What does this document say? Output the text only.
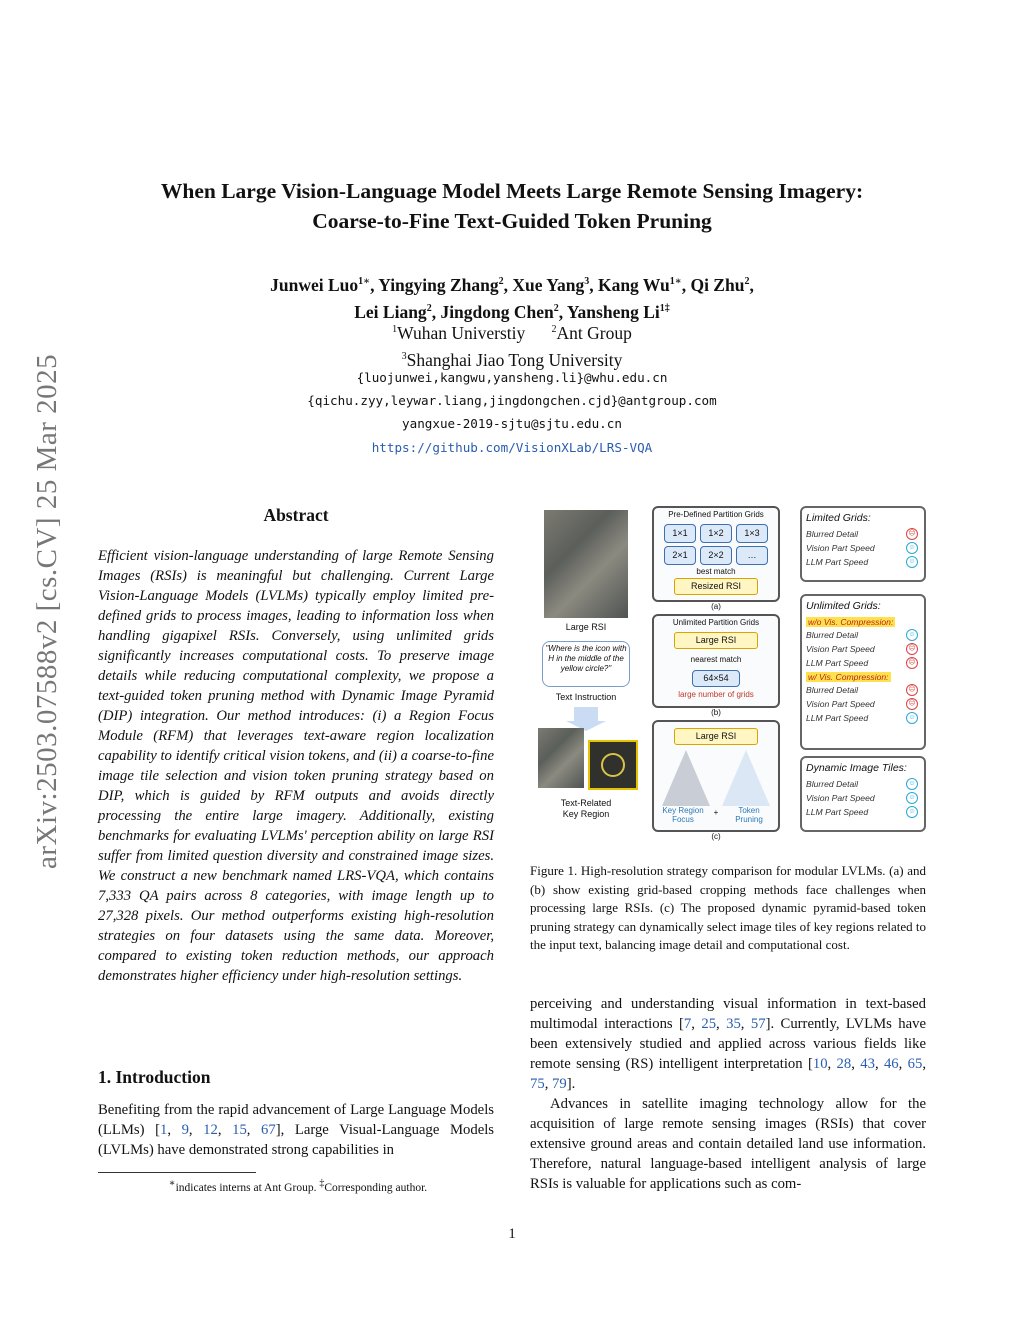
arXiv:2503.07588v2 [cs.CV] 25 Mar 2025
When Large Vision-Language Model Meets Large Remote Sensing Imagery:
Coarse-to-Fine Text-Guided Token Pruning
Junwei Luo$^{1∗}$, Yingying Zhang$^2$, Xue Yang$^3$, Kang $Wu^{1∗}$, Qi Zhu$^2$,
Lei Liang$^2$, Jingdong Chen$^2$, Yansheng $Li^{1\ddagger}$
$^1$Wuhan Universtiy	$^2$Ant Group
$^3$Shanghai Jiao Tong University
{luojunwei,kangwu,yansheng.li}@whu.edu.cn
{qichu.zyy,leywar.liang,jingdongchen.cjd}@antgroup.com
yangxue-2019-sjtu@sjtu.edu.cn
https://github.com/VisionXLab/LRS-VQA
Abstract
Efficient vision-language understanding of large Remote Sensing Images (RSIs) is meaningful but challenging. Current Large Vision-Language Models (LVLMs) typically employ limited pre-defined grids to process images, leading to information loss when handling gigapixel RSIs. Conversely, using unlimited grids significantly increases computational costs. To preserve image details while reducing computational complexity, we propose a text-guided token pruning method with Dynamic Image Pyramid (DIP) integration. Our method introduces: (i) a Region Focus Module (RFM) that leverages text-aware region localization capability to identify critical vision tokens, and (ii) a coarse-to-fine image tile selection and vision token pruning strategy based on DIP, which is guided by RFM outputs and avoids directly processing the entire large imagery. Additionally, existing benchmarks for evaluating LVLMs' perception ability on large RSI suffer from limited question diversity and constrained image sizes. We construct a new benchmark named LRS-VQA, which contains 7,333 QA pairs across 8 categories, with image length up to 27,328 pixels. Our method outperforms existing high-resolution strategies on four datasets using the same data. Moreover, compared to existing token reduction methods, our approach demonstrates higher efficiency under high-resolution settings.
1. Introduction
Benefiting from the rapid advancement of Large Language Models (LLMs) [1, 9, 12, 15, 67], Large Visual-Language Models (LVLMs) have demonstrated strong capabilities in
∗indicates interns at Ant Group. ‡Corresponding author.
Large RSI
"Where is the icon with H in the middle of the yellow circle?"
Text Instruction
Text-Related
Key Region
Pre-Defined Partition Grids
1×1	1×2	1×3
2×1	2×2	…
best match
Resized RSI
(a)
Unlimited Partition Grids
Large RSI
nearest match
64×54
large number of grids
(b)
Large RSI
Key Region Focus
+	Token Pruning
(c)
Limited Grids:
Blurred Detail	☹
Vision Part Speed	☺
LLM Part Speed	☺
Unlimited Grids:
w/o Vis. Compression:
Blurred Detail	☺
Vision Part Speed	☹
LLM Part Speed	☹
w/ Vis. Compression:
Blurred Detail	☹
Vision Part Speed	☹
LLM Part Speed	☺
Dynamic Image Tiles:
Blurred Detail	☺
Vision Part Speed	☺
LLM Part Speed	☺
Figure 1. High-resolution strategy comparison for modular LVLMs. (a) and (b) show existing grid-based cropping methods face challenges when processing large RSIs. (c) The proposed dynamic pyramid-based token pruning strategy can dynamically select image tiles of key regions related to the input text, balancing image detail and computational cost.

perceiving and understanding visual information in text-based multimodal interactions [7, 25, 35, 57]. Currently, LVLMs have been extensively studied and applied across various fields like remote sensing (RS) intelligent interpretation [10, 28, 43, 46, 65, 75, 79].

Advances in satellite imaging technology allow for the acquisition of large remote sensing images (RSIs) that cover extensive ground areas and contain detailed land use information. Therefore, natural language-based intelligent analysis of large RSIs is valuable for applications such as com-

1
